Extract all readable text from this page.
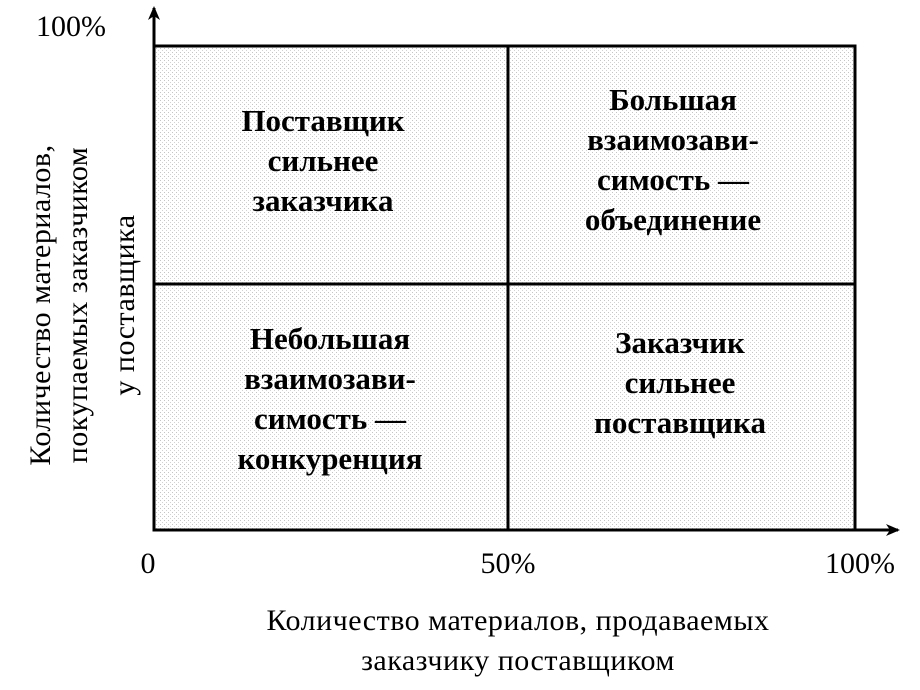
100%
Количество материалов, покупаемых заказчиком у поставщика
0	50%	100%
Количество материалов, продаваемых
заказчику поставщиком
Поставщик
сильнее
заказчика
Большая
взаимозави-
симость —
объединение
Небольшая
взаимозави-
симость —
конкуренция
Заказчик
сильнее
поставщика
